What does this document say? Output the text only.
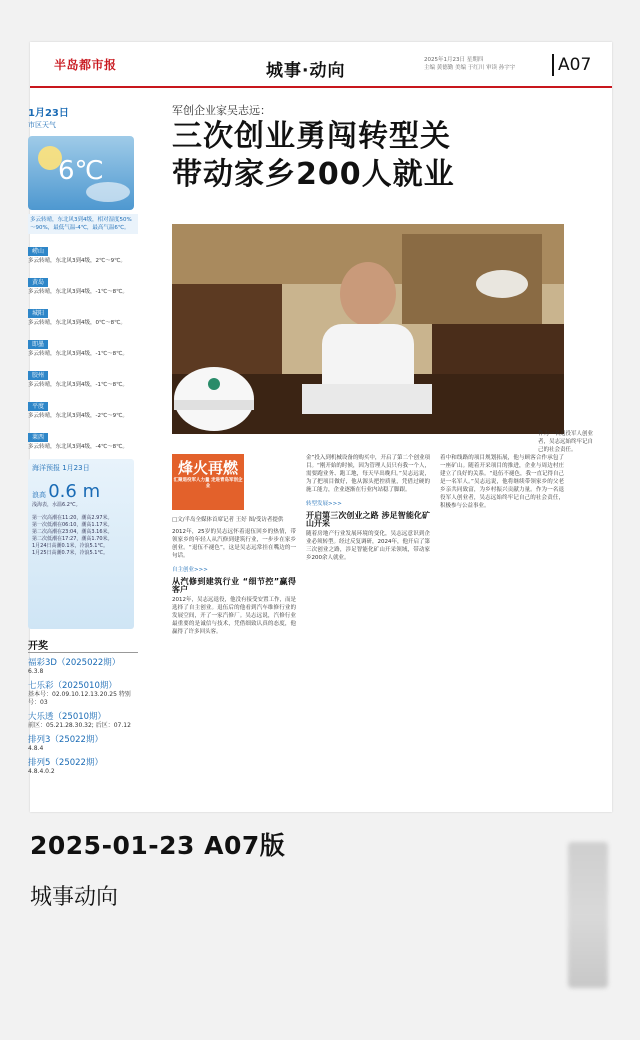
半岛都市报	城事·动向
2025年1月23日 星期四
主编 黄德勤 美编 于红川 审读 孙宇宇	A07
1月23日
市区天气
6℃
多云转晴，东北风3到4级，相对湿度50%～90%，最低气温-4℃，最高气温6℃。
崂山
多云转晴，东北风3到4级，2℃～9℃。
黄岛
多云转晴，东北风3到4级，-1℃～8℃。
城阳
多云转晴，东北风3到4级，0℃～8℃。
即墨
多云转晴，东北风3到4级，-1℃～8℃。
胶州
多云转晴，东北风3到4级，-1℃～8℃。
平度
多云转晴，东北风3到4级，-2℃～9℃。
莱西
多云转晴，东北风3到4级，-4℃～8℃。
海洋预报 1月23日
浪高 0.6 m
浅海表，水温6.2℃。
第一次高潮在11:20，潮高2.97米。
第一次低潮在06:10，潮高1.17米。
第二次高潮在23:04，潮高3.16米。
第二次低潮在17:27，潮高1.70米。
1月24日高潮0.1米，冷浪5.1℃。
1月25日高潮0.7米，冷浪5.1℃。
开奖
福彩3D（2025022期）
6.3.8
七乐彩（2025010期）
基本号：02.09.10.12.13.20.25 特别号：03
大乐透（25010期）
前区：05.21.28.30.32; 后区：07.12
排列3（25022期）
4.8.4
排列5（25022期）
4.8.4.0.2
军创企业家吴志远：
三次创业勇闯转型关
带动家乡200人就业
作为一名退役军人创业者，吴志远始终牢记自己的社会责任。
烽火再燃
汇聚退役军人力量 走进青岛军创企业
□文/半岛全媒体首席记者 王好 图/受访者提供
2012年，25岁的吴志远怀着退伍回乡的热情，带领家乡的年轻人从汽修到建筑行业，一步步在家乡创业。“退伍不褪色”，这是吴志远常挂在嘴边的一句话。
自主创业>>>
从汽修到建筑行业 “细节控”赢得客户
2012年，吴志远退役，他没有接受安置工作，而是选择了自主创业。退伍后的他看到汽车维修行业的发展空间，开了一家汽修厂。吴志远说，汽修行业最重要的是诚信与技术，凭借细致认真的态度，他赢得了许多回头客。
金”投入到机械设备的购买中，开启了第二个创业项目。“刚开始的时候，因为管理人员只有我一个人，需要跑业务、跑工地，每天早出晚归。”吴志远说，为了把项目做好，他从源头把控质量，凭借过硬的施工能力，企业逐渐在行业内站稳了脚跟。
转型发展>>>
开启第三次创业之路 涉足智能化矿山开采
随着房地产行业发展环境的变化，吴志远意识到企业必须转型。经过反复调研，2024年，他开启了第三次创业之路，涉足智能化矿山开采领域，带动家乡200余人就业。
着中和线路的项目规划拓展，他与顾客合作承包了一座矿山。随着开采项目的推进，企业与周边村庄建立了良好的关系。“退伍不褪色，我一直记得自己是一名军人。”吴志远说，他将继续带领家乡的父老乡亲共同致富，为乡村振兴贡献力量。作为一名退役军人创业者，吴志远始终牢记自己的社会责任，积极参与公益事业。
2025-01-23 A07版
城事动向
